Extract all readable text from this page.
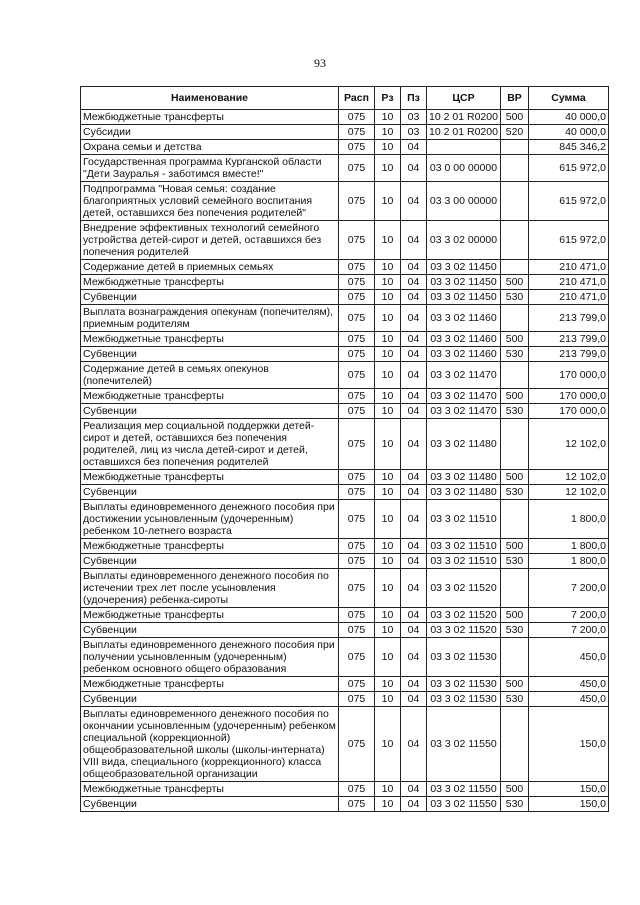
93
Наименование	Расп	Рз	Пз	ЦСР	ВР	Сумма
Межбюджетные трансферты	075	10	03	10 2 01 R0200	500	40 000,0
Субсидии	075	10	03	10 2 01 R0200	520	40 000,0
Охрана семьи и детства	075	10	04			845 346,2
Государственная программа Курганской области "Дети Зауралья - заботимся вместе!"	075	10	04	03 0 00 00000		615 972,0
Подпрограмма "Новая семья: создание благоприятных условий семейного воспитания детей, оставшихся без попечения родителей"	075	10	04	03 3 00 00000		615 972,0
Внедрение эффективных технологий семейного устройства детей-сирот и детей, оставшихся без попечения родителей	075	10	04	03 3 02 00000		615 972,0
Содержание детей в приемных семьях	075	10	04	03 3 02 11450		210 471,0
Межбюджетные трансферты	075	10	04	03 3 02 11450	500	210 471,0
Субвенции	075	10	04	03 3 02 11450	530	210 471,0
Выплата вознаграждения опекунам (попечителям), приемным родителям	075	10	04	03 3 02 11460		213 799,0
Межбюджетные трансферты	075	10	04	03 3 02 11460	500	213 799,0
Субвенции	075	10	04	03 3 02 11460	530	213 799,0
Содержание детей в семьях опекунов (попечителей)	075	10	04	03 3 02 11470		170 000,0
Межбюджетные трансферты	075	10	04	03 3 02 11470	500	170 000,0
Субвенции	075	10	04	03 3 02 11470	530	170 000,0
Реализация мер социальной поддержки детей-сирот и детей, оставшихся без попечения родителей, лиц из числа детей-сирот и детей, оставшихся без попечения родителей	075	10	04	03 3 02 11480		12 102,0
Межбюджетные трансферты	075	10	04	03 3 02 11480	500	12 102,0
Субвенции	075	10	04	03 3 02 11480	530	12 102,0
Выплаты единовременного денежного пособия при достижении усыновленным (удочеренным) ребенком 10-летнего возраста	075	10	04	03 3 02 11510		1 800,0
Межбюджетные трансферты	075	10	04	03 3 02 11510	500	1 800,0
Субвенции	075	10	04	03 3 02 11510	530	1 800,0
Выплаты единовременного денежного пособия по истечении трех лет после усыновления (удочерения) ребенка-сироты	075	10	04	03 3 02 11520		7 200,0
Межбюджетные трансферты	075	10	04	03 3 02 11520	500	7 200,0
Субвенции	075	10	04	03 3 02 11520	530	7 200,0
Выплаты единовременного денежного пособия при получении усыновленным (удочеренным) ребенком основного общего образования	075	10	04	03 3 02 11530		450,0
Межбюджетные трансферты	075	10	04	03 3 02 11530	500	450,0
Субвенции	075	10	04	03 3 02 11530	530	450,0
Выплаты единовременного денежного пособия по окончании усыновленным (удочеренным) ребенком специальной (коррекционной) общеобразовательной школы (школы-интерната) VIII вида, специального (коррекционного) класса общеобразовательной организации	075	10	04	03 3 02 11550		150,0
Межбюджетные трансферты	075	10	04	03 3 02 11550	500	150,0
Субвенции	075	10	04	03 3 02 11550	530	150,0
